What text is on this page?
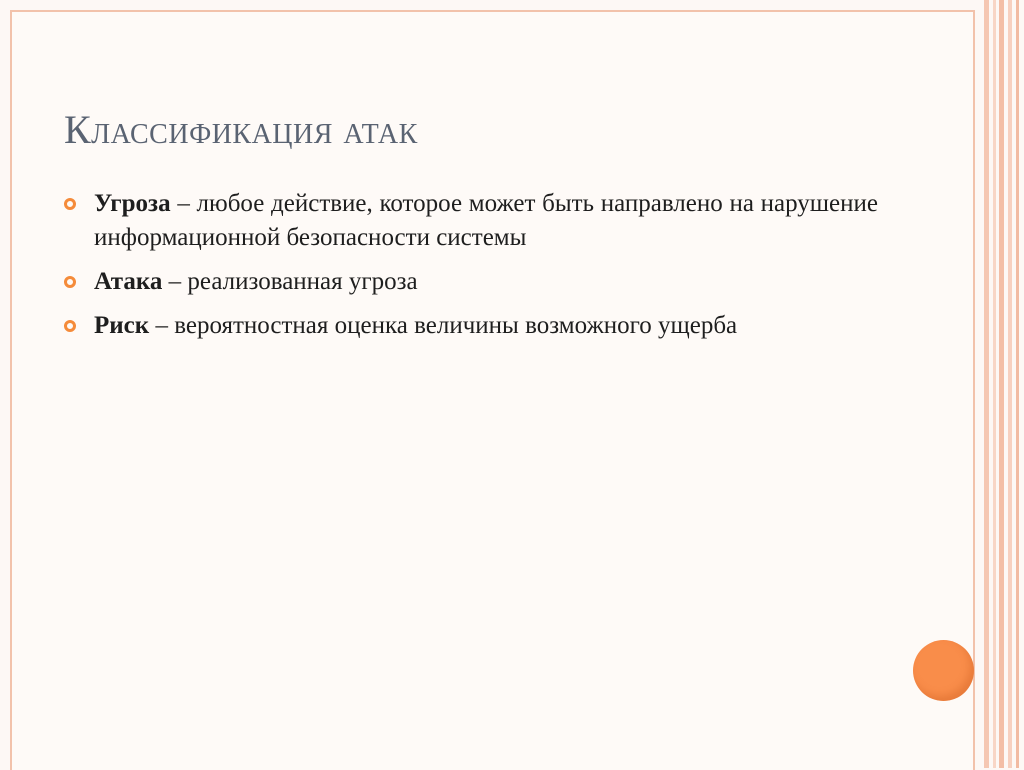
Классификация атак
Угроза – любое действие, которое может быть направлено на нарушение информационной безопасности системы
Атака – реализованная угроза
Риск – вероятностная оценка величины возможного ущерба
